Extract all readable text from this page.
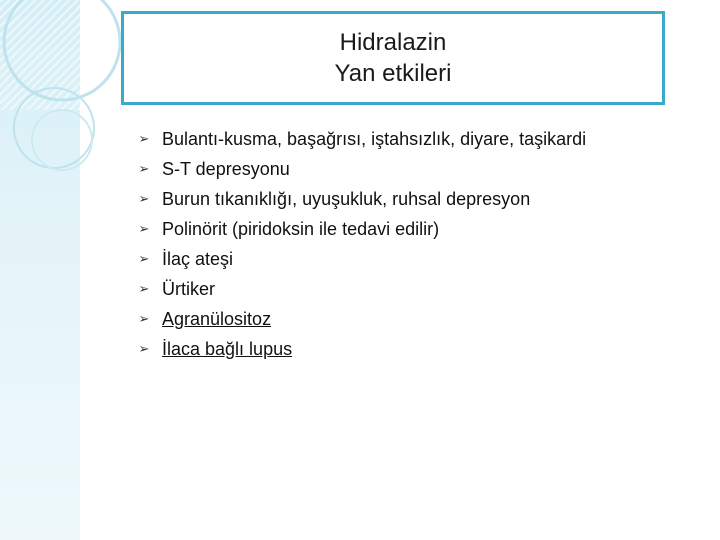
Hidralazin
Yan etkileri
➢ Bulantı-kusma, başağrısı, iştahsızlık, diyare, taşikardi
➢ S-T depresyonu
➢ Burun tıkanıklığı, uyuşukluk, ruhsal depresyon
➢ Polinörit (piridoksin ile tedavi edilir)
➢ İlaç ateşi
➢ Ürtiker
➢ Agranülositoz
➢ İlaca bağlı lupus
